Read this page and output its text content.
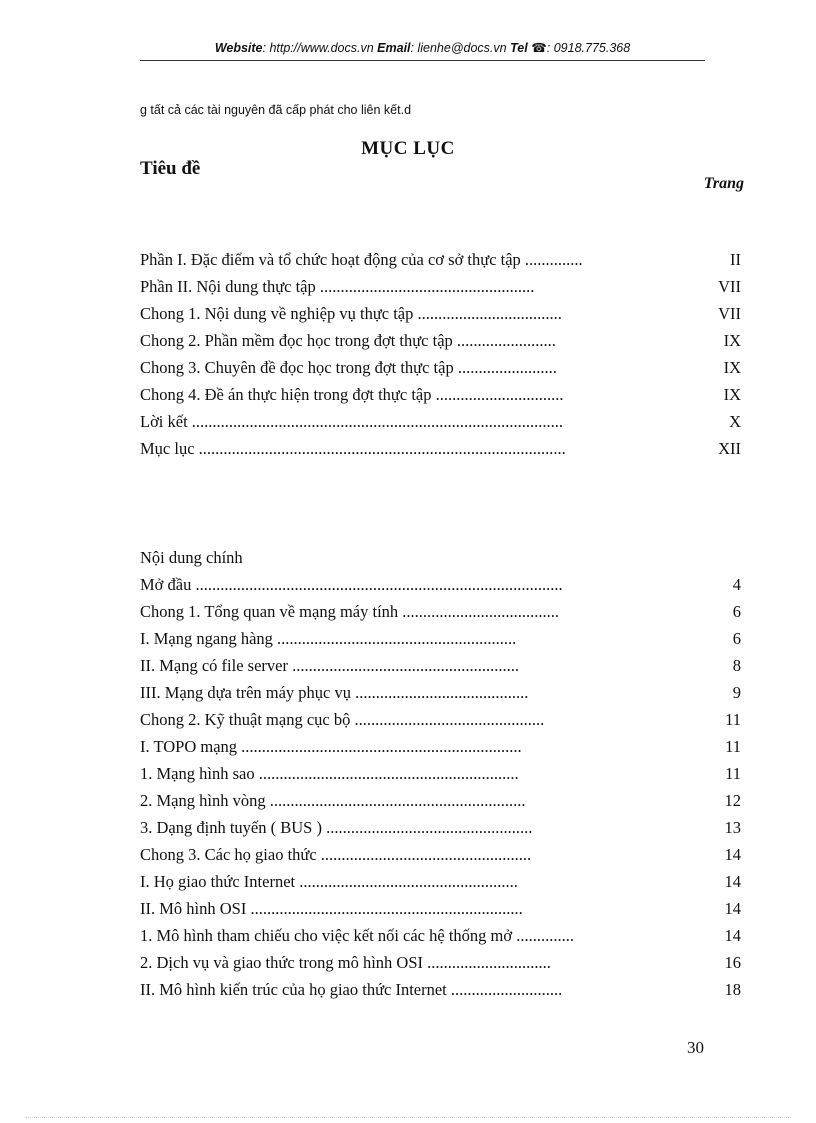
Website: http://www.docs.vn Email: lienhe@docs.vn Tel ☎: 0918.775.368
g tất cả các tài nguyên đã cấp phát cho liên kết.d
MỤC LỤC
Tiêu đề
Trang
Phần I. Đặc điểm và tổ chức hoạt động của cơ sở thực tập ..............	II
Phần II. Nội dung thực tập ....................................................	VII
Chong 1. Nội dung về nghiệp vụ thực tập ...................................	VII
Chong 2. Phần mềm đọc học trong đợt thực tập ........................	IX
Chong 3. Chuyên đề đọc học trong đợt thực tập ........................	IX
Chong 4. Đề án thực hiện trong đợt thực tập ...............................	IX
Lời kết ..........................................................................................	X
Mục lục .........................................................................................	XII
Nội dung chính
Mở đầu .........................................................................................	4
Chong 1. Tổng quan về mạng máy tính ......................................	6
I. Mạng ngang hàng ..........................................................	6
II. Mạng có file server .......................................................	8
III. Mạng dựa trên máy phục vụ ..........................................	9
Chong 2. Kỹ thuật mạng cục bộ ..............................................	11
I. TOPO mạng ....................................................................	11
1. Mạng hình sao ...............................................................	11
2. Mạng hình vòng ..............................................................	12
3. Dạng định tuyến ( BUS ) ..................................................	13
Chong 3. Các họ giao thức ...................................................	14
I. Họ giao thức Internet .....................................................	14
II. Mô hình OSI ..................................................................	14
1. Mô hình tham chiếu cho việc kết nối các hệ thống mở ..............	14
2. Dịch vụ và giao thức trong mô hình OSI ..............................	16
II. Mô hình kiến trúc của họ giao thức Internet ...........................	18
30
